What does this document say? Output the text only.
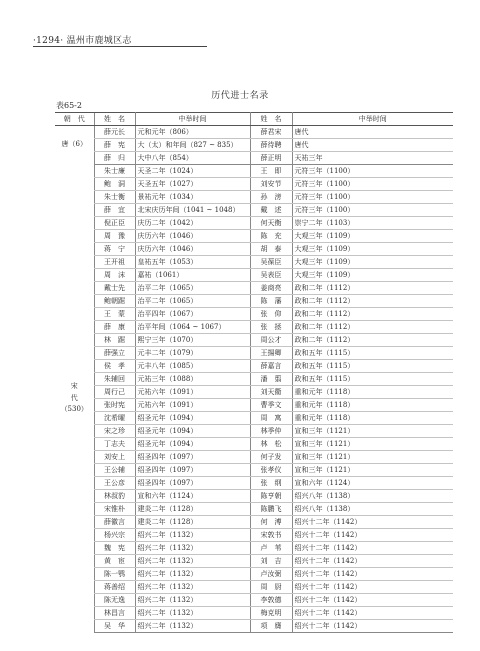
·1294· 温州市鹿城区志
历代进士名录
表65-2
朝　代	姓　名	中举时间	姓　名	中举时间

唐（6）	薛元长	元和元年（806）	薛君宋	唐代
	薛　宪	大（太）和年间（827 ~ 835）	薛待聘	唐代
	薛　归	大中八年（854）	薛正明	天祐三年

宋
代
（530）	朱士廉	天圣二年（1024）	王　即	元符三年（1100）
	鲍　洞	天圣五年（1027）	刘安节	元符三年（1100）
	朱士衡	景祐元年（1034）	孙　滂	元符三年（1100）
	薛　宜	北宋庆历年间（1041 ~ 1048）	戴　述	元符三年（1100）
	倪正臣	庆历二年（1042）	何天衡	崇宁二年（1103）
	周　豫	庆历六年（1046）	陈　充	大观三年（1109）
	蒋　宁	庆历六年（1046）	胡　泰	大观三年（1109）
	王开祖	皇祐五年（1053）	吴葆臣	大观三年（1109）
	周　沫	嘉祐（1061）	吴表臣	大观三年（1109）
	戴士先	治平二年（1065）	姜商亮	政和二年（1112）
	鲍朝踞	治平二年（1065）	陈　藩	政和二年（1112）
	王　蒙	治平四年（1067）	张　仰	政和二年（1112）
	薛　康	治平年间（1064 ~ 1067）	张　拯	政和二年（1112）
	林　踞	熙宁三年（1070）	周公才	政和二年（1112）
	薛强立	元丰二年（1079）	王揚卿	政和五年（1115）
	侯　孝	元丰八年（1085）	薛嘉言	政和五年（1115）
	朱辅回	元祐三年（1088）	潘　翦	政和五年（1115）
	周行己	元祐六年（1091）	刘天衢	重和元年（1118）
	张时宪	元祐六年（1091）	曹季文	重和元年（1118）
	沈希曜	绍圣元年（1094）	周　寓	重和元年（1118）
	宋之珍	绍圣元年（1094）	林季仲	宣和三年（1121）
	丁志夫	绍圣元年（1094）	林　松	宣和三年（1121）
	刘安上	绍圣四年（1097）	何子发	宣和三年（1121）
	王公辅	绍圣四年（1097）	张孝仪	宣和三年（1121）
	王公彦	绍圣四年（1097）	张　纲	宣和六年（1124）
	林叔豹	宣和六年（1124）	陈亨朝	绍兴八年（1138）
	宋惟朴	建炎二年（1128）	陈鹏飞	绍兴八年（1138）
	薛徽言	建炎二年（1128）	何　溥	绍兴十二年（1142）
	杨兴宗	绍兴二年（1132）	宋敦书	绍兴十二年（1142）
	魏　宪	绍兴二年（1132）	卢　苇	绍兴十二年（1142）
	黄　宦	绍兴二年（1132）	刘　吉	绍兴十二年（1142）
	陈一鹗	绍兴二年（1132）	卢汝弼	绍兴十二年（1142）
	蒋善绍	绍兴二年（1132）	周　厨	绍兴十二年（1142）
	陈无逸	绍兴二年（1132）	李敦德	绍兴十二年（1142）
	林昌言	绍兴二年（1132）	梅克明	绍兴十二年（1142）
	吴　华	绍兴二年（1132）	项　膺	绍兴十二年（1142）
